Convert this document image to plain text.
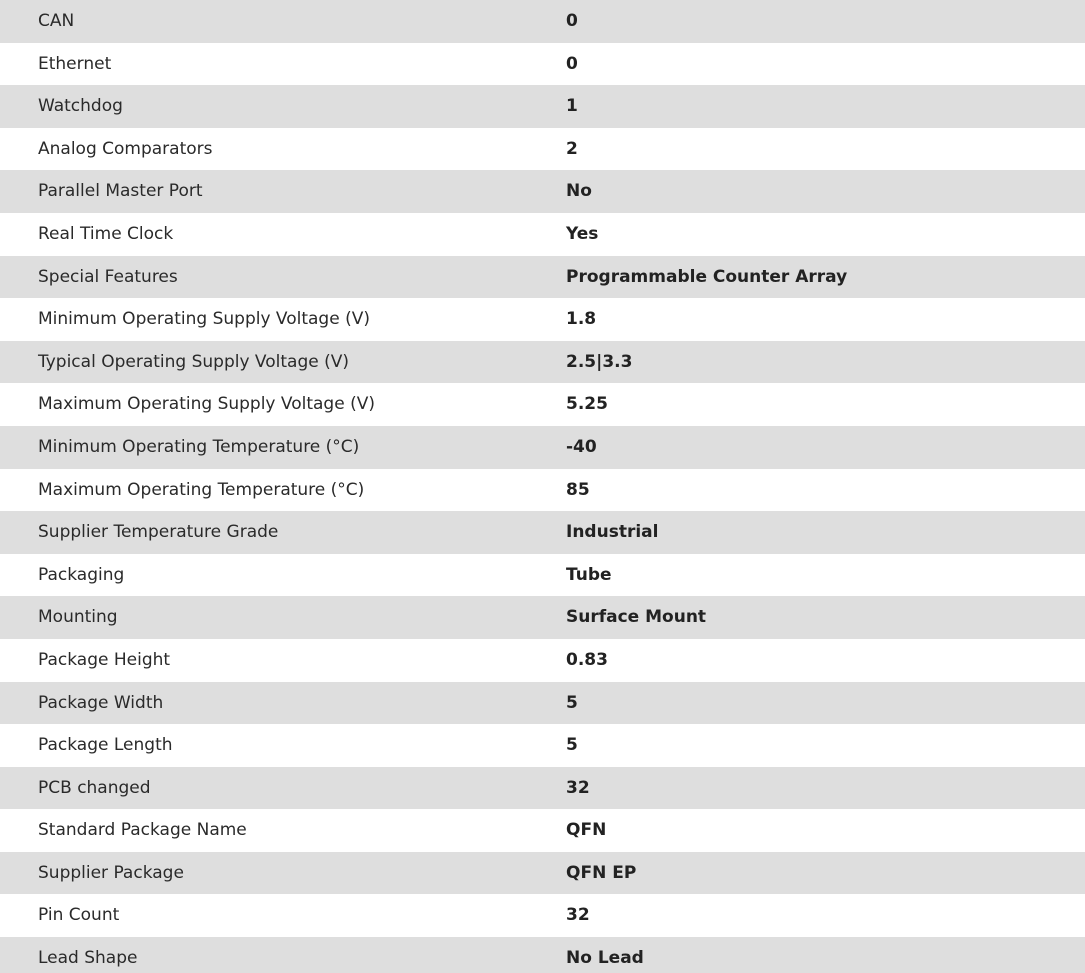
CAN	0
Ethernet	0
Watchdog	1
Analog Comparators	2
Parallel Master Port	No
Real Time Clock	Yes
Special Features	Programmable Counter Array
Minimum Operating Supply Voltage (V)	1.8
Typical Operating Supply Voltage (V)	2.5|3.3
Maximum Operating Supply Voltage (V)	5.25
Minimum Operating Temperature (°C)	-40
Maximum Operating Temperature (°C)	85
Supplier Temperature Grade	Industrial
Packaging	Tube
Mounting	Surface Mount
Package Height	0.83
Package Width	5
Package Length	5
PCB changed	32
Standard Package Name	QFN
Supplier Package	QFN EP
Pin Count	32
Lead Shape	No Lead
